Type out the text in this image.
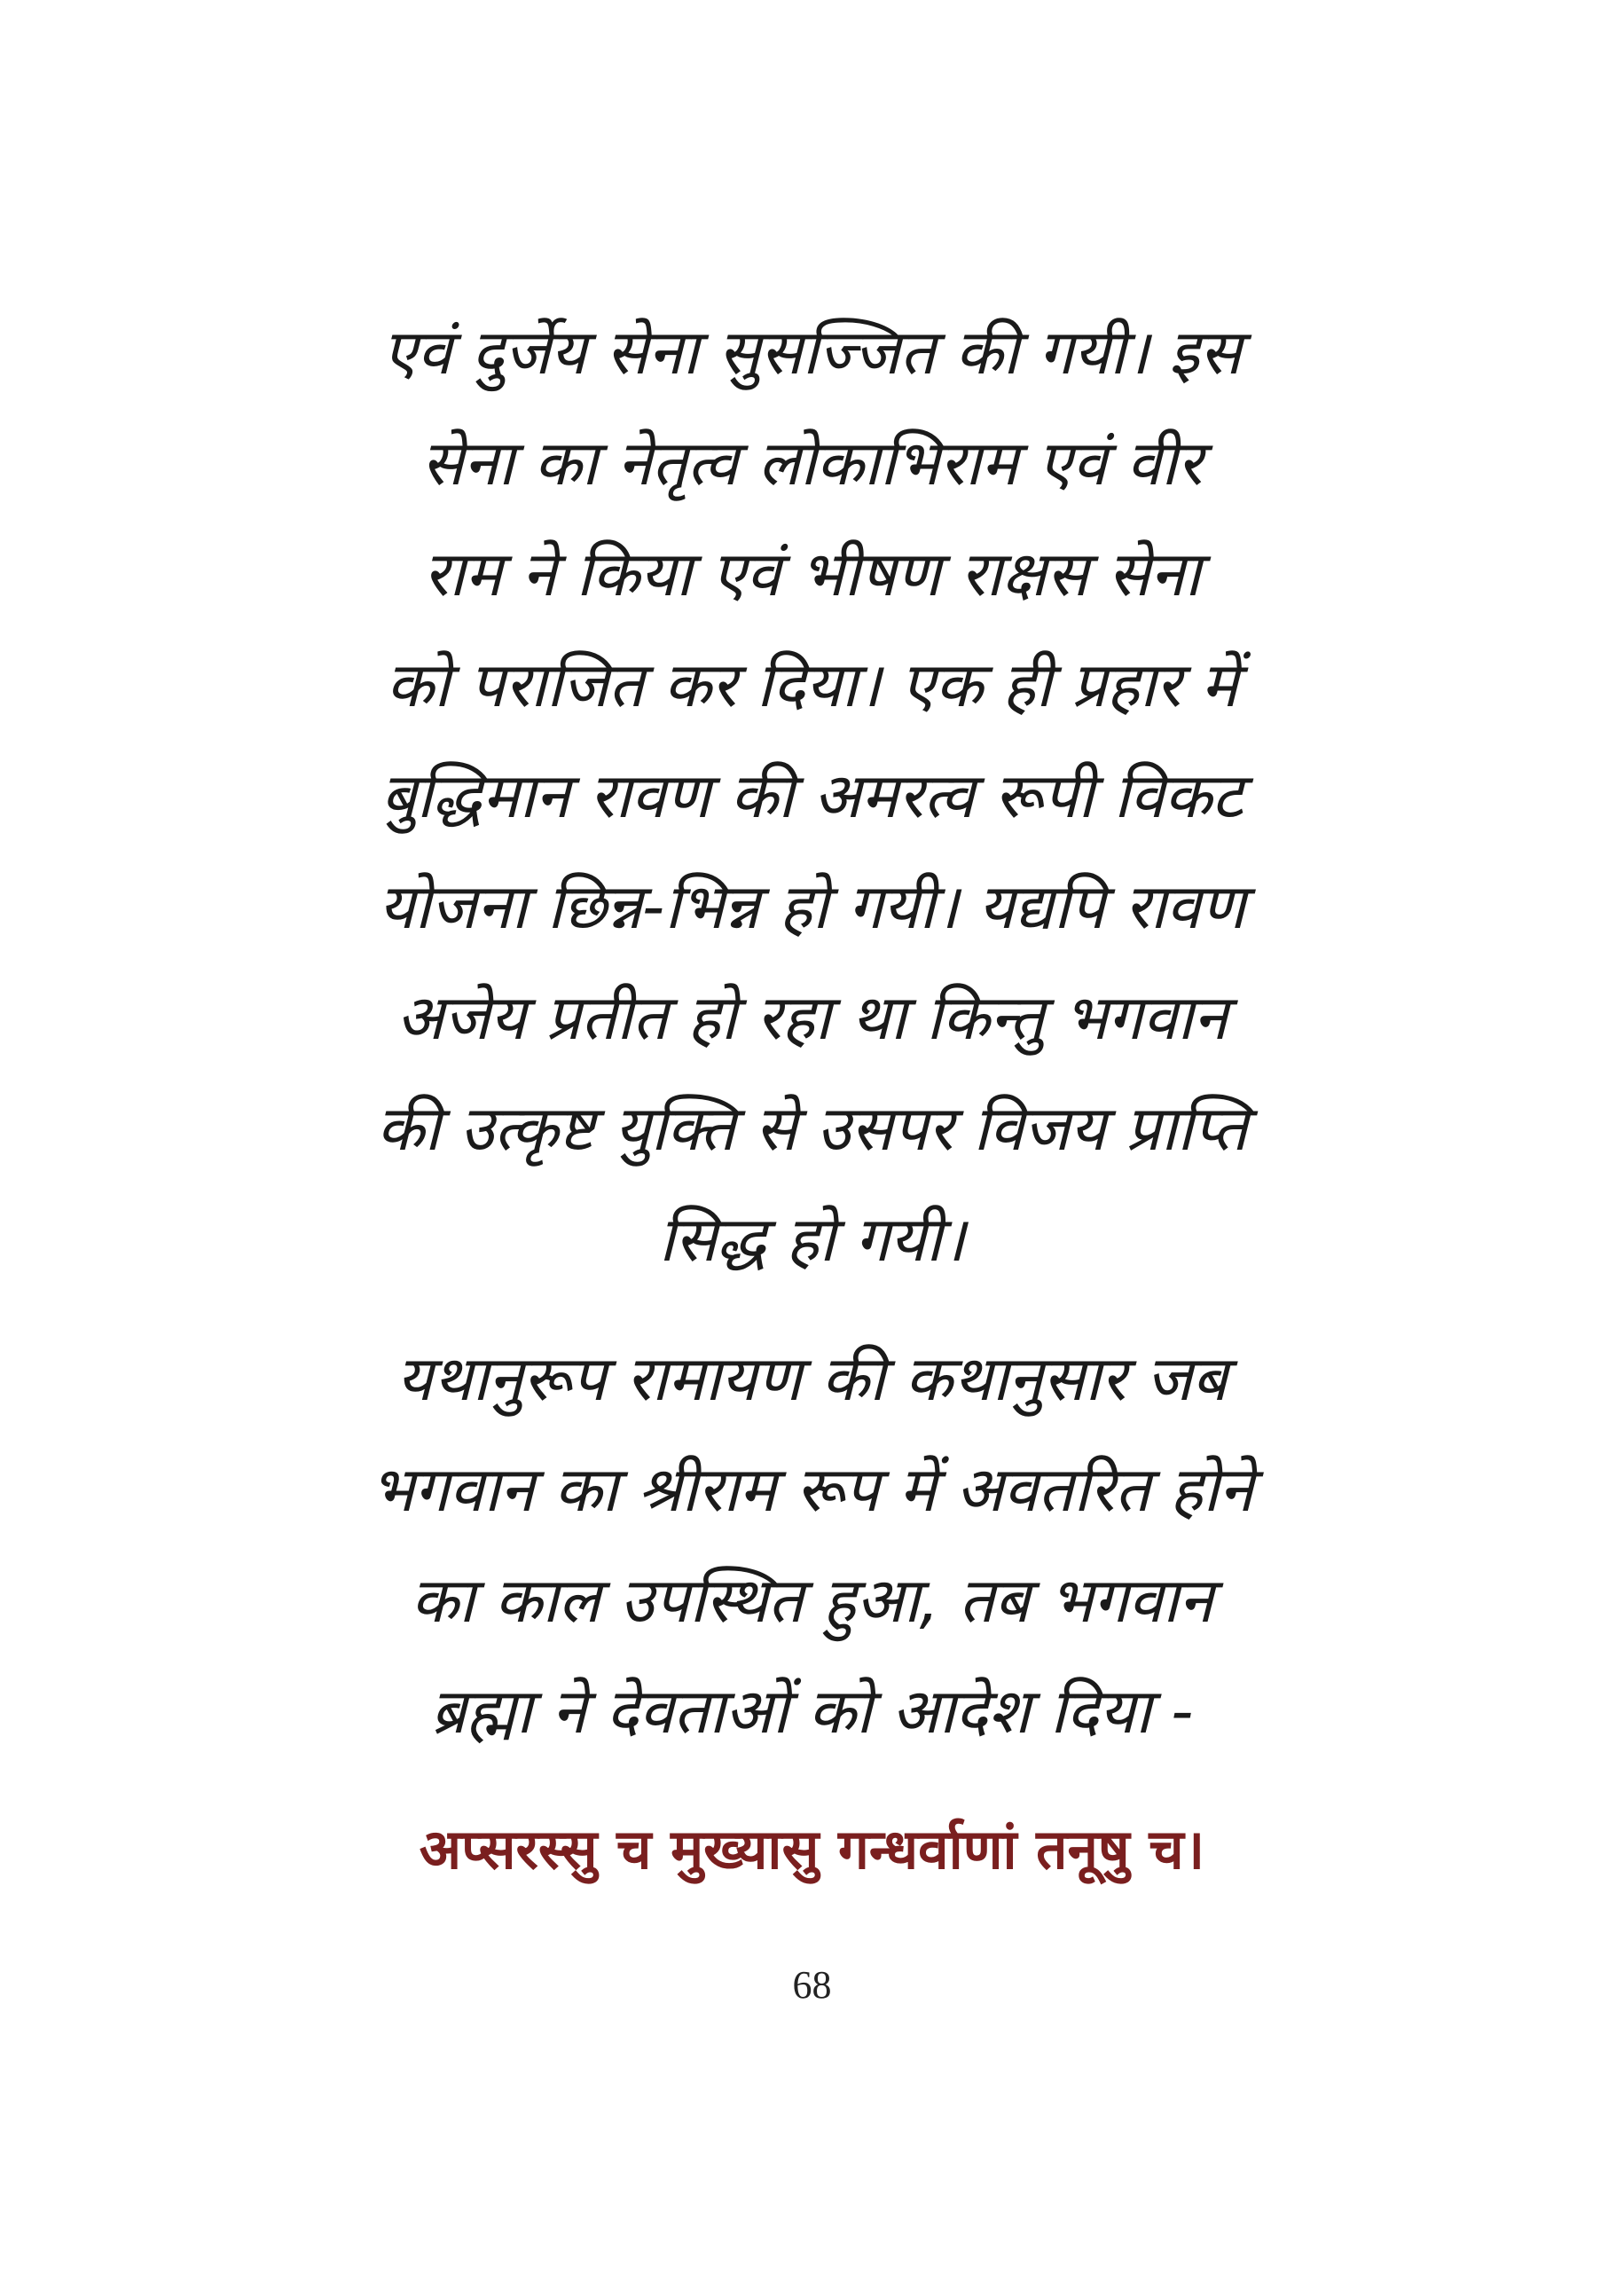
एवं दुर्जेय सेना सुसज्जित की गयी। इस
सेना का नेतृत्व लोकाभिराम एवं वीर
राम ने किया एवं भीषण राक्षस सेना
को पराजित कर दिया। एक ही प्रहार में
बुद्धिमान रावण की अमरत्व रूपी विकट
योजना छिन्न-भिन्न हो गयी। यद्यपि रावण
अजेय प्रतीत हो रहा था किन्तु भगवान
की उत्कृष्ट युक्ति से उसपर विजय प्राप्ति
सिद्ध हो गयी।
यथानुरूप रामायण की कथानुसार जब
भगवान का श्रीराम रूप में अवतरित होने
का काल उपस्थित हुआ, तब भगवान
ब्रह्मा ने देवताओं को आदेश दिया -
अप्सरस्सु च मुख्यासु गन्धर्वाणां तनूषु च।
68
